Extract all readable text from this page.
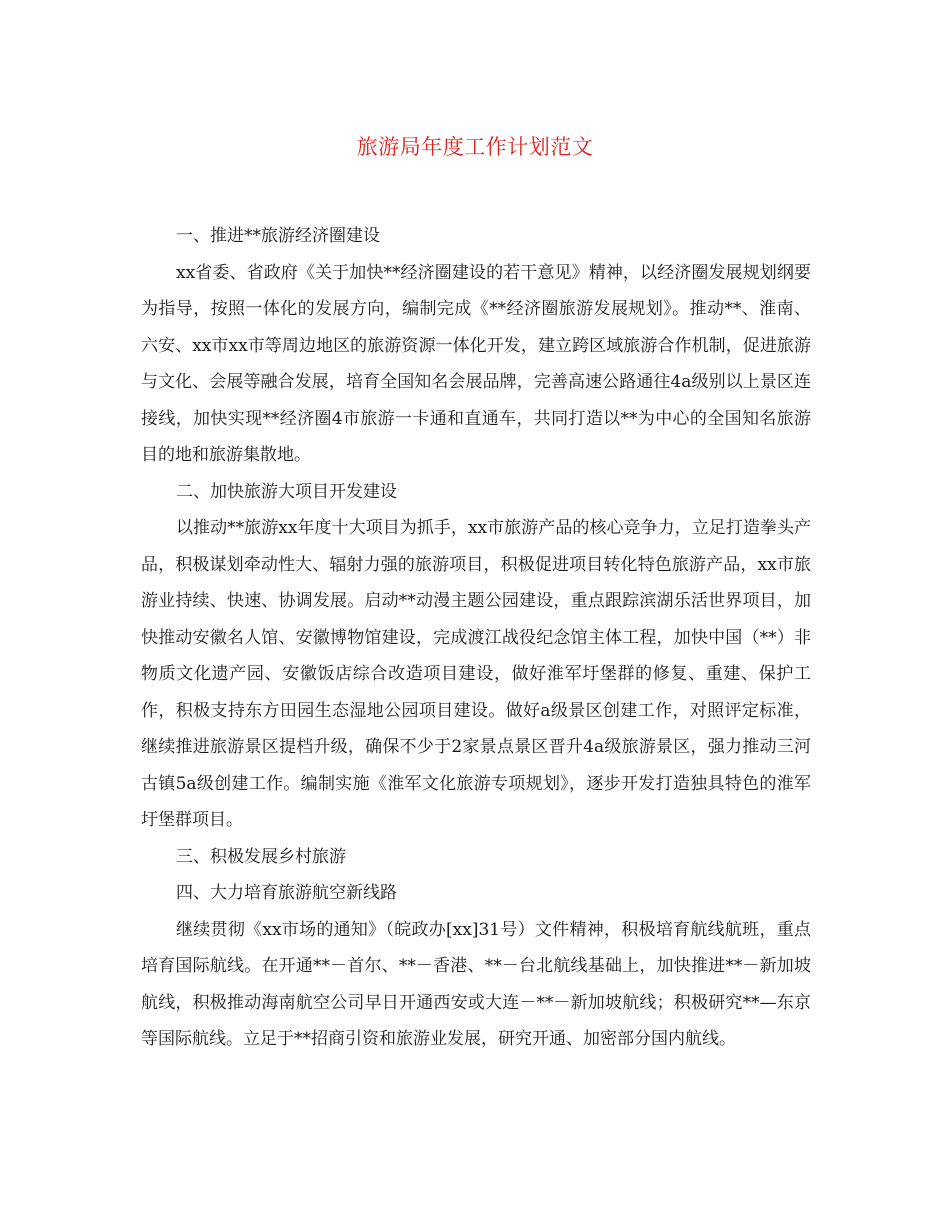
旅游局年度工作计划范文

一、推进**旅游经济圈建设

xx省委、省政府《关于加快**经济圈建设的若干意见》精神，以经济圈发展规划纲要为指导，按照一体化的发展方向，编制完成《**经济圈旅游发展规划》。推动**、淮南、六安、xx市xx市等周边地区的旅游资源一体化开发，建立跨区域旅游合作机制，促进旅游与文化、会展等融合发展，培育全国知名会展品牌，完善高速公路通往4a级别以上景区连接线，加快实现**经济圈4市旅游一卡通和直通车，共同打造以**为中心的全国知名旅游目的地和旅游集散地。

二、加快旅游大项目开发建设

以推动**旅游xx年度十大项目为抓手，xx市旅游产品的核心竞争力，立足打造拳头产品，积极谋划牵动性大、辐射力强的旅游项目，积极促进项目转化特色旅游产品，xx市旅游业持续、快速、协调发展。启动**动漫主题公园建设，重点跟踪滨湖乐活世界项目，加快推动安徽名人馆、安徽博物馆建设，完成渡江战役纪念馆主体工程，加快中国（**）非物质文化遗产园、安徽饭店综合改造项目建设，做好淮军圩堡群的修复、重建、保护工作，积极支持东方田园生态湿地公园项目建设。做好a级景区创建工作，对照评定标准，继续推进旅游景区提档升级，确保不少于2家景点景区晋升4a级旅游景区，强力推动三河古镇5a级创建工作。编制实施《淮军文化旅游专项规划》，逐步开发打造独具特色的淮军圩堡群项目。

三、积极发展乡村旅游

四、大力培育旅游航空新线路

继续贯彻《xx市场的通知》（皖政办[xx]31号）文件精神，积极培育航线航班，重点培育国际航线。在开通**－首尔、**－香港、**－台北航线基础上，加快推进**－新加坡航线，积极推动海南航空公司早日开通西安或大连－**－新加坡航线；积极研究**—东京等国际航线。立足于**招商引资和旅游业发展，研究开通、加密部分国内航线。
